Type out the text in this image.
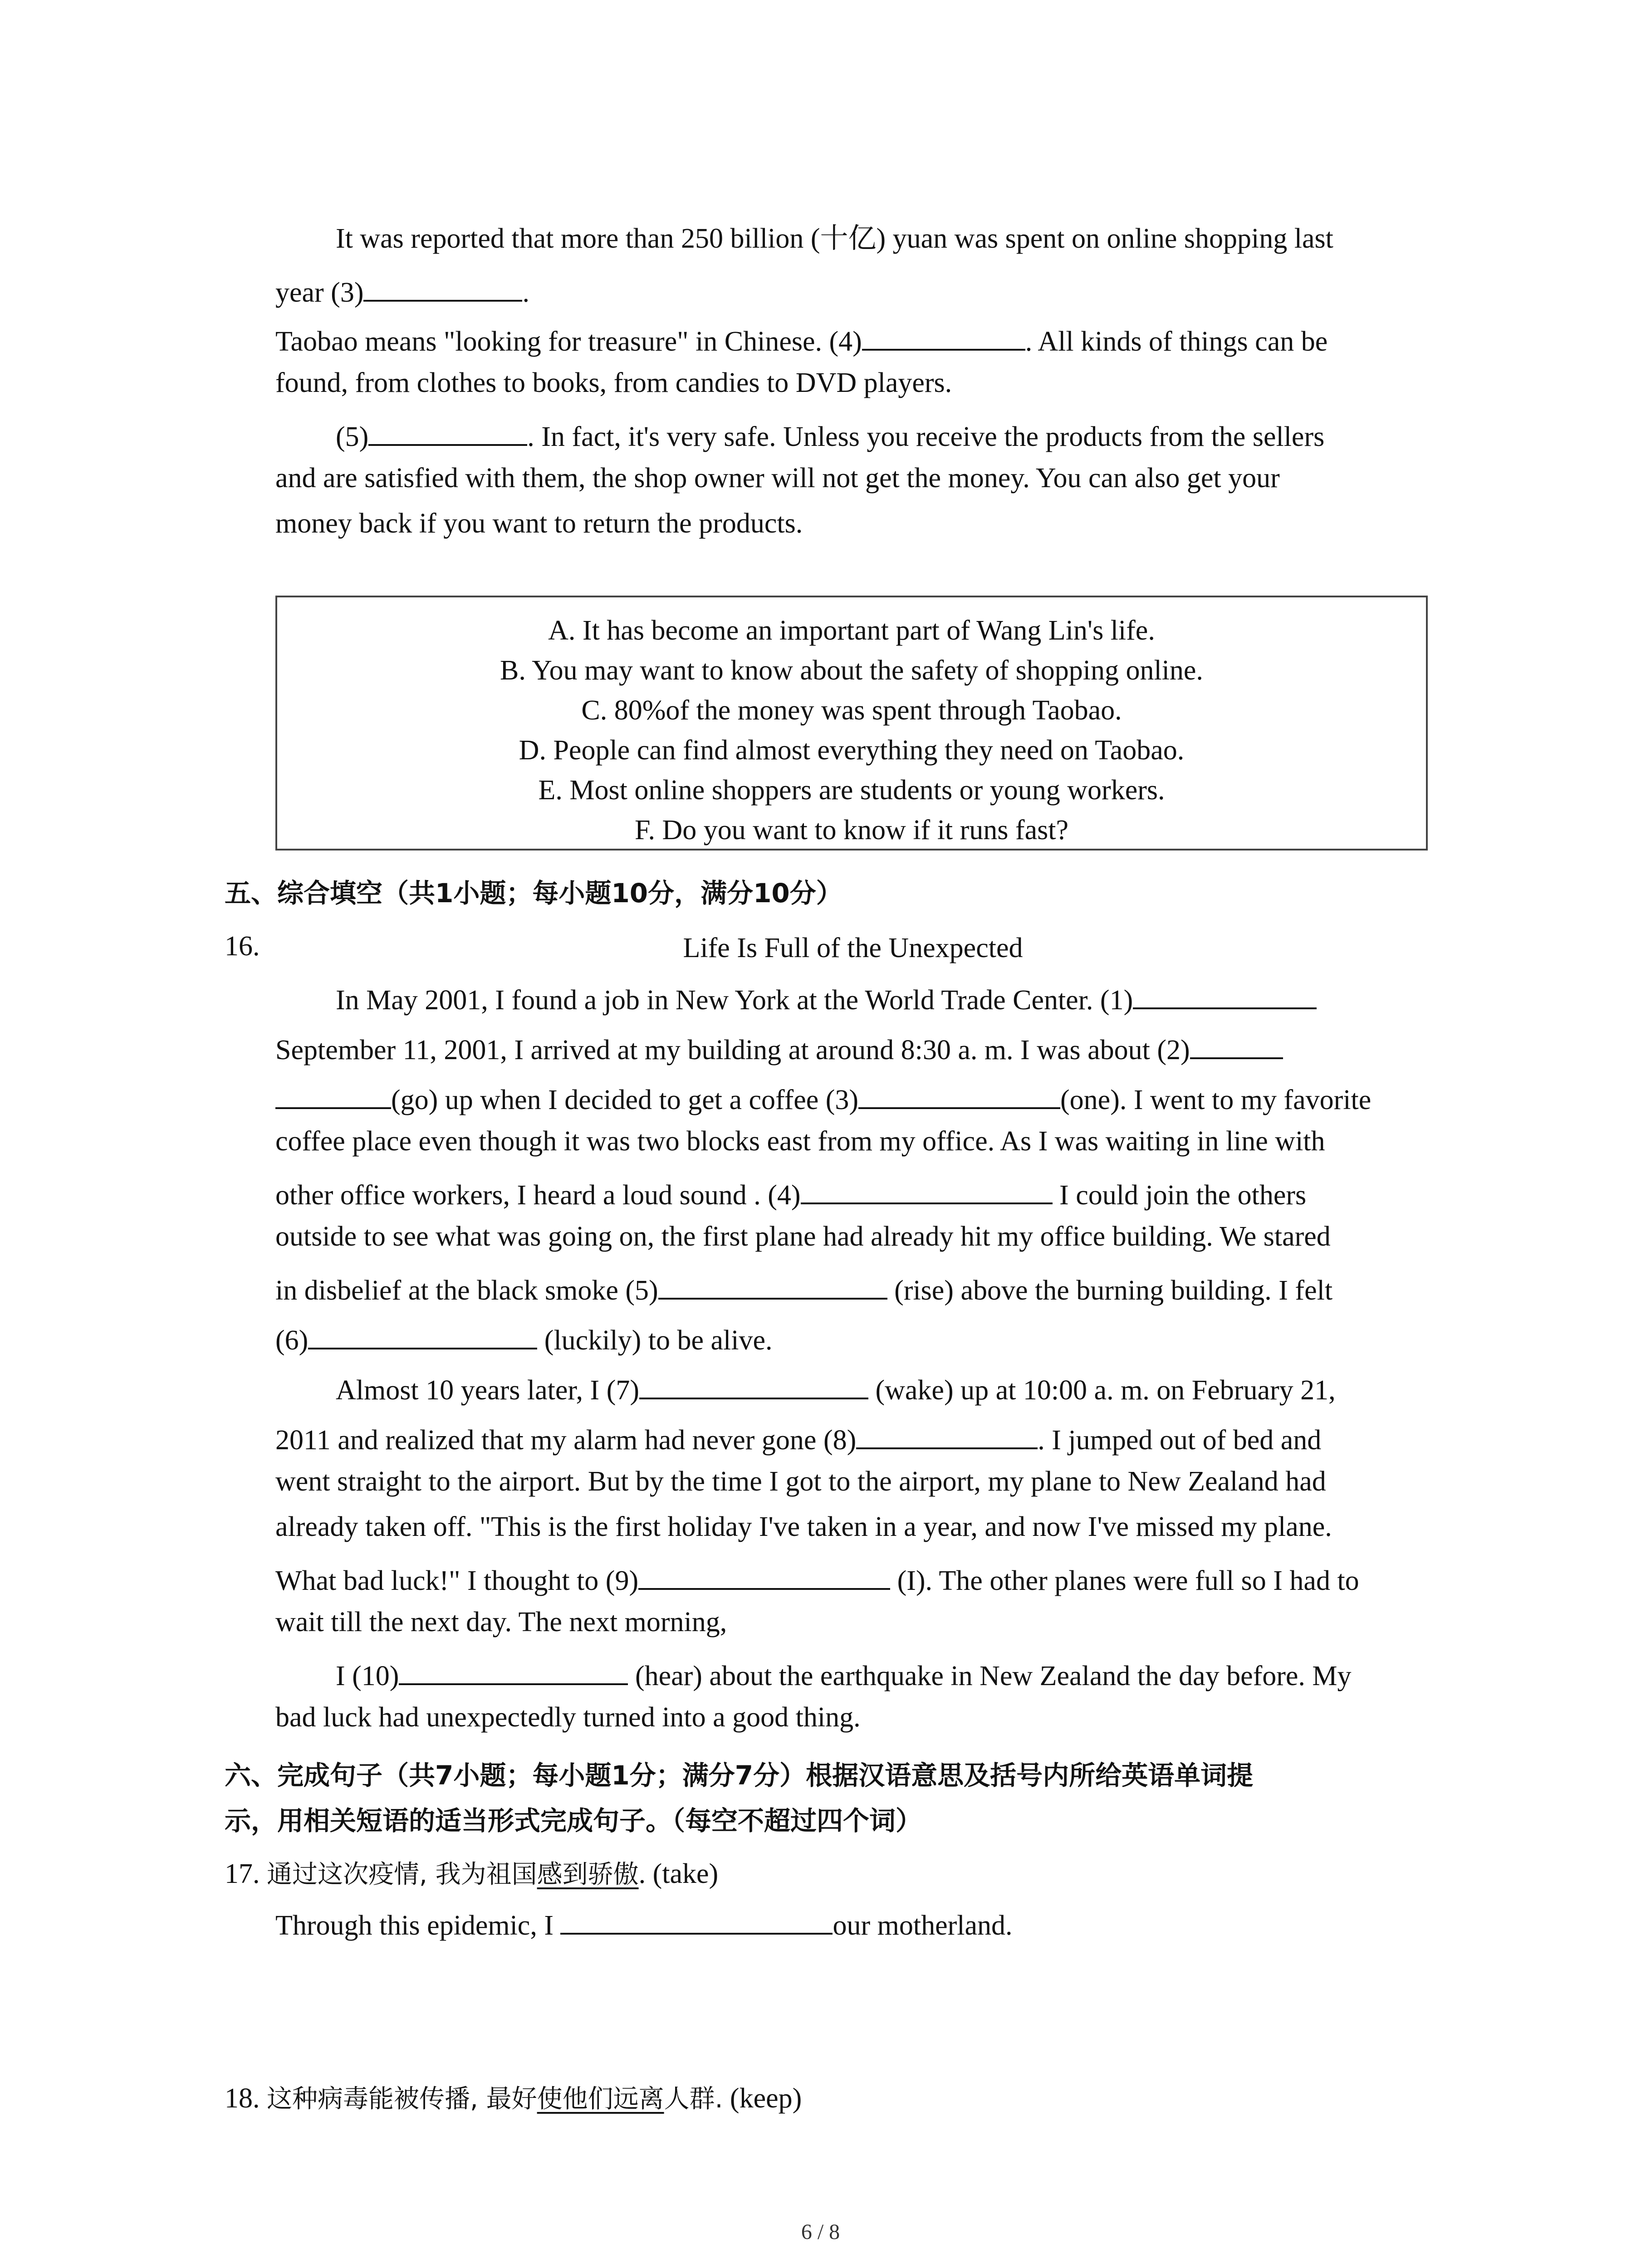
It was reported that more than 250 billion (十亿) yuan was spent on online shopping last
year (3)	.
Taobao means "looking for treasure" in Chinese. (4)	. All kinds of things can be
found, from clothes to books, from candies to DVD players.
(5)	. In fact, it's very safe. Unless you receive the products from the sellers
and are satisfied with them, the shop owner will not get the money. You can also get your
money back if you want to return the products.
A. It has become an important part of Wang Lin's life.
B. You may want to know about the safety of shopping online.
C. 80%of the money was spent through Taobao.
D. People can find almost everything they need on Taobao.
E. Most online shoppers are students or young workers.
F. Do you want to know if it runs fast?
五、综合填空（共1小题；每小题10分，满分10分）
16.	Life Is Full of the Unexpected
In May 2001, I found a job in New York at the World Trade Center. (1)
September 11, 2001, I arrived at my building at around 8:30 a. m. I was about (2)
(go) up when I decided to get a coffee (3)	(one). I went to my favorite
coffee place even though it was two blocks east from my office. As I was waiting in line with
other office workers, I heard a loud sound . (4)	I could join the others
outside to see what was going on, the first plane had already hit my office building. We stared
in disbelief at the black smoke (5)	(rise) above the burning building. I felt
(6)	(luckily) to be alive.
Almost 10 years later, I (7)	(wake) up at 10:00 a. m. on February 21,
2011 and realized that my alarm had never gone (8)	. I jumped out of bed and
went straight to the airport. But by the time I got to the airport, my plane to New Zealand had
already taken off. "This is the first holiday I've taken in a year, and now I've missed my plane.
What bad luck!" I thought to (9)	(I). The other planes were full so I had to
wait till the next day. The next morning,
I (10)	(hear) about the earthquake in New Zealand the day before. My
bad luck had unexpectedly turned into a good thing.
六、完成句子（共7小题；每小题1分；满分7分）根据汉语意思及括号内所给英语单词提
示，用相关短语的适当形式完成句子。（每空不超过四个词）
17. 通过这次疫情, 我为祖国感到骄傲. (take)
Through this epidemic, I	our motherland.
18. 这种病毒能被传播, 最好使他们远离人群. (keep)
6 / 8
